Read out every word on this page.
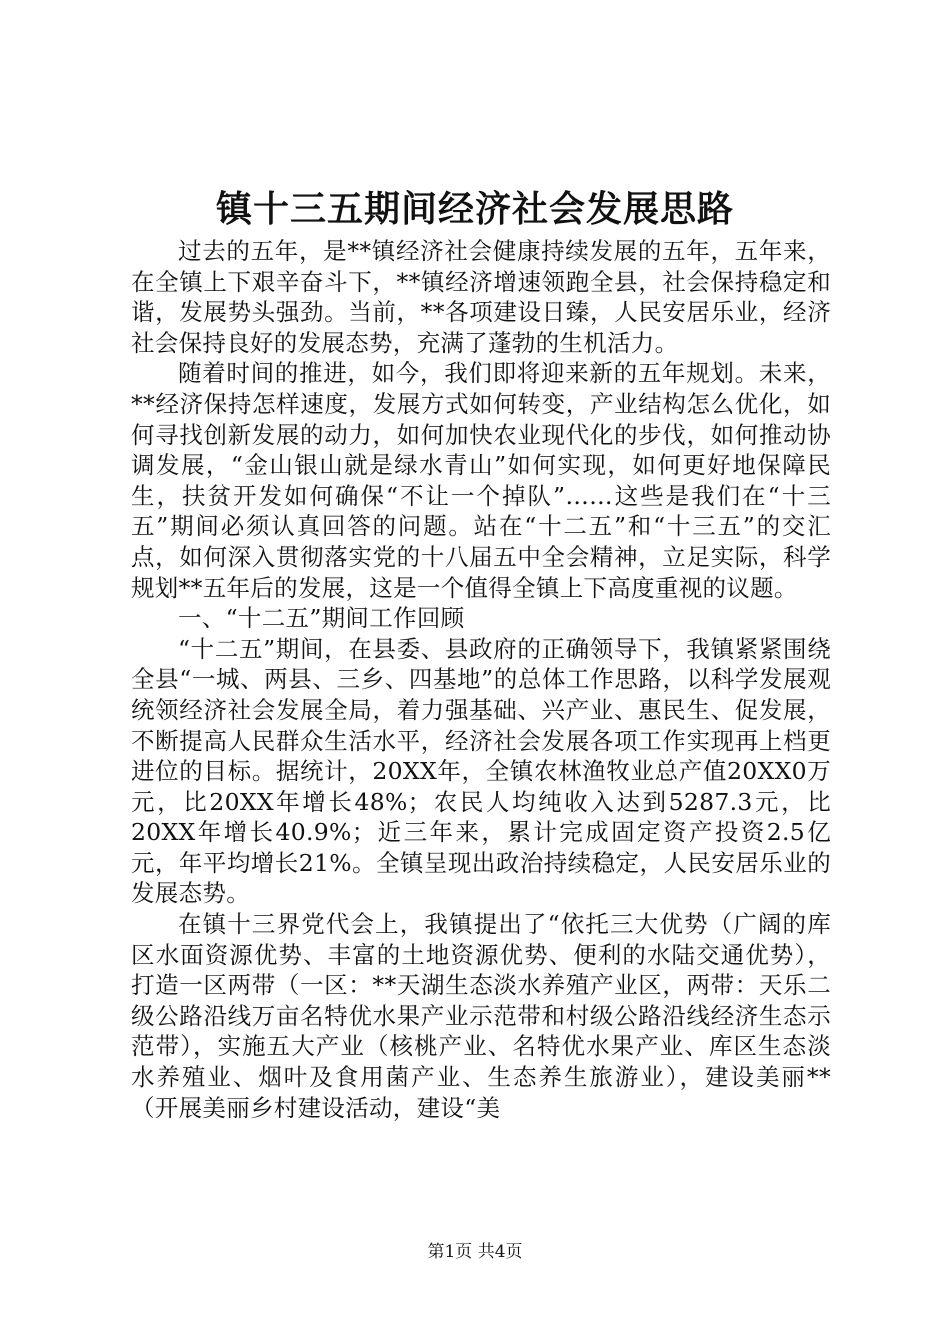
镇十三五期间经济社会发展思路

过去的五年，是**镇经济社会健康持续发展的五年，五年来，在全镇上下艰辛奋斗下，**镇经济增速领跑全县，社会保持稳定和谐，发展势头强劲。当前，**各项建设日臻，人民安居乐业，经济社会保持良好的发展态势，充满了蓬勃的生机活力。

随着时间的推进，如今，我们即将迎来新的五年规划。未来，**经济保持怎样速度，发展方式如何转变，产业结构怎么优化，如何寻找创新发展的动力，如何加快农业现代化的步伐，如何推动协调发展，“金山银山就是绿水青山”如何实现，如何更好地保障民生，扶贫开发如何确保“不让一个掉队”……这些是我们在“十三五”期间必须认真回答的问题。站在“十二五”和“十三五”的交汇点，如何深入贯彻落实党的十八届五中全会精神，立足实际，科学规划**五年后的发展，这是一个值得全镇上下高度重视的议题。

一、“十二五”期间工作回顾

“十二五”期间，在县委、县政府的正确领导下，我镇紧紧围绕全县“一城、两县、三乡、四基地”的总体工作思路，以科学发展观统领经济社会发展全局，着力强基础、兴产业、惠民生、促发展，不断提高人民群众生活水平，经济社会发展各项工作实现再上档更进位的目标。据统计，20XX年，全镇农林渔牧业总产值20XX0万元，比20XX年增长48%；农民人均纯收入达到5287.3元，比20XX年增长40.9%；近三年来，累计完成固定资产投资2.5亿元，年平均增长21%。全镇呈现出政治持续稳定，人民安居乐业的发展态势。

在镇十三界党代会上，我镇提出了“依托三大优势（广阔的库区水面资源优势、丰富的土地资源优势、便利的水陆交通优势），打造一区两带（一区：**天湖生态淡水养殖产业区，两带：天乐二级公路沿线万亩名特优水果产业示范带和村级公路沿线经济生态示范带），实施五大产业（核桃产业、名特优水果产业、库区生态淡水养殖业、烟叶及食用菌产业、生态养生旅游业），建设美丽**（开展美丽乡村建设活动，建设“美

第1页 共4页
